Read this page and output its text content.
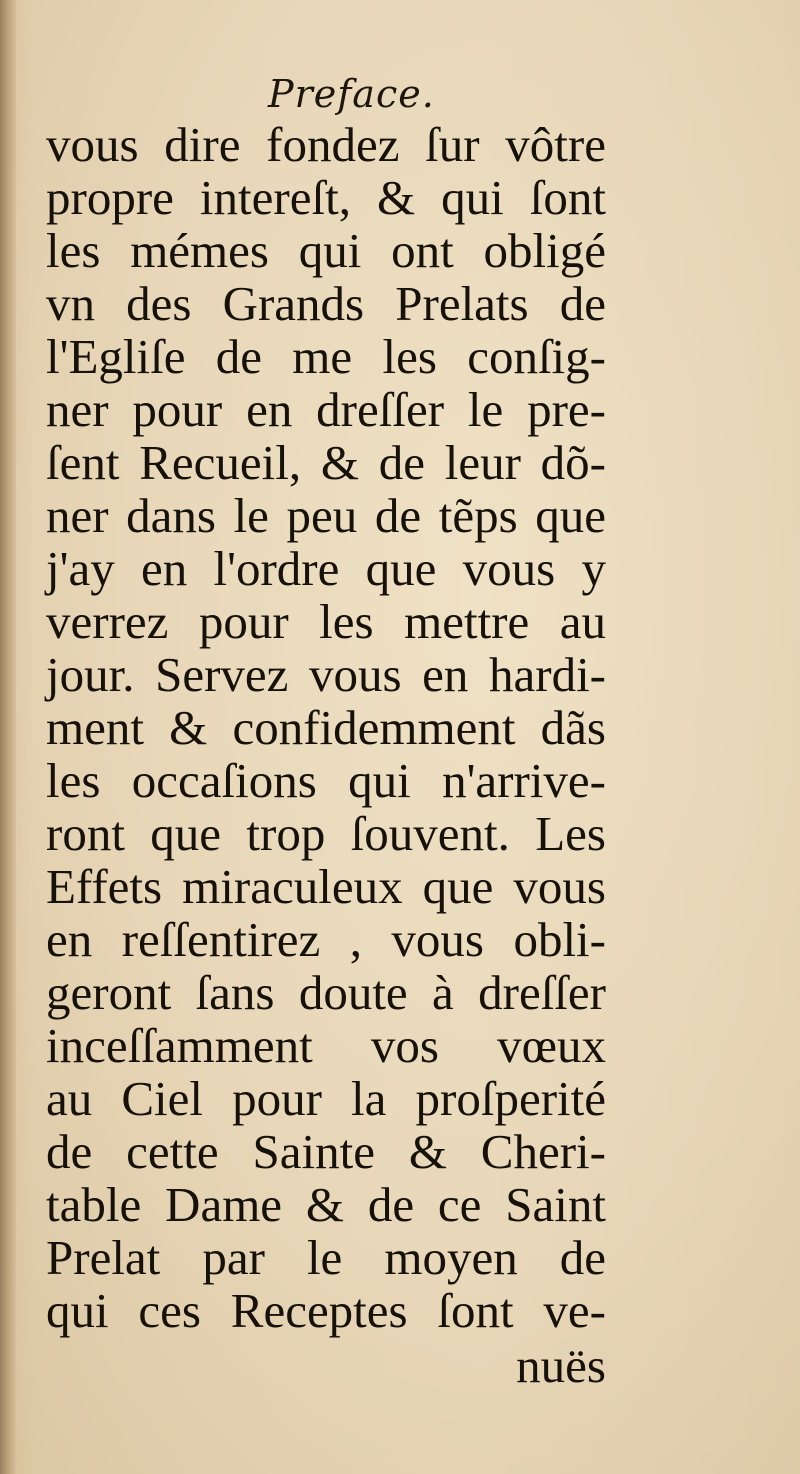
Preface.
vous dire fondez ſur vôtre
propre intereſt, & qui ſont
les mémes qui ont obligé
vn des Grands Prelats de
l'Egliſe de me les conſig-
ner pour en dreſſer le pre-
ſent Recueil, & de leur dõ-
ner dans le peu de tẽps que
j'ay en l'ordre que vous y
verrez pour les mettre au
jour. Servez vous en hardi-
ment & confidemment dãs
les occaſions qui n'arrive-
ront que trop ſouvent. Les
Effets miraculeux que vous
en reſſentirez , vous obli-
geront ſans doute à dreſſer
inceſſamment vos vœux
au Ciel pour la proſperité
de cette Sainte & Cheri-
table Dame & de ce Saint
Prelat par le moyen de
qui ces Receptes ſont ve-
nuës
